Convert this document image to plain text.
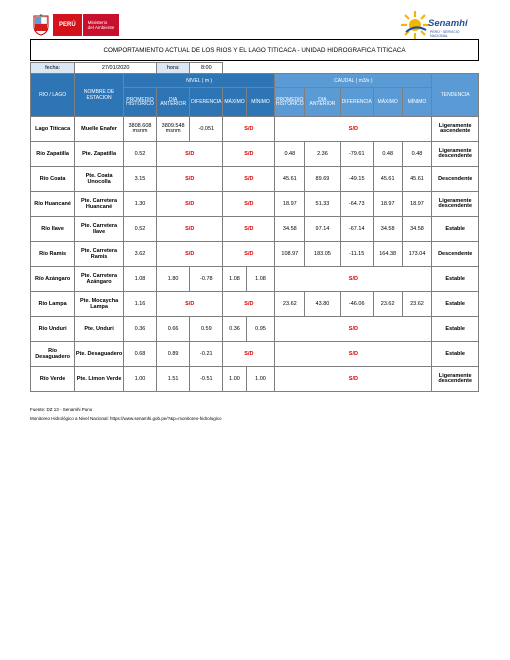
PERÚ	Ministerio
del Ambiente	Senamhi
PERÚ · SERVICIO NACIONAL
COMPORTAMIENTO ACTUAL DE LOS RIOS Y EL LAGO TITICACA - UNIDAD HIDROGRAFICA TITICACA
fecha:	27/01/2020		hora:	8:00								
RIO / LAGO	NOMBRE DE ESTACION	NIVEL ( m )					CAUDAL ( m3/s )					TENDENCIA
		PROMEDIO HISTÓRICO	DIA ANTERIOR	DIFERENCIA	MÁXIMO	MÍNIMO	PROMEDIO HISTÓRICO	DIA ANTERIOR	DIFERENCIA	MÁXIMO	MÍNIMO	
Lago Titicaca	Muelle Enafer	3808.608 msnm	3809.548 msnm	-0.051	S/D		S/D					Ligeramente ascendente
Río Zapatilla	Pte. Zapatilla	0.52	S/D		S/D		0.48	2.36	-79.61	0.48	0.48	Ligeramente descendente
Río Coata	Pte. Coata Unocolla	3.15	S/D		S/D		45.61	89.69	-49.15	45.61	45.61	Descendente
Río Huancané	Pte. Carretera Huancané	1.30	S/D		S/D		18.97	51.33	-64.73	18.97	18.97	Ligeramente descendente
Río Ilave	Pte. Carretera Ilave	0.52	S/D		S/D		34.58	97.14	-67.14	34.58	34.58	Estable
Río Ramis	Pte. Carretera Ramis	3.62	S/D		S/D		108.97	183.05	-11.15	164.38	173.04	Descendente
Río Azángaro	Pte. Carretera Azángaro	1.08	1.80	-0.78	1.08	1.08	S/D					Estable
Río Lampa	Pte. Mocaycha Lampa	1.16	S/D		S/D		23.62	43.80	-46.06	23.62	23.62	Estable
Río Unduri	Pte. Unduri	0.36	0.66	0.59	0.36	0.95	S/D					Estable
Río Desaguadero	Pte. Desaguadero	0.68	0.89	-0.21	S/D		S/D					Estable
Río Verde	Pte. Limon Verde	1.00	1.51	-0.51	1.00	1.00	S/D					Ligeramente descendente
Fuente: DZ 13 - Senamhi Puno
Monitoreo Hidrológico a Nivel Nacional: https://www.senamhi.gob.pe/?&p=monitoreo-hidrologico
